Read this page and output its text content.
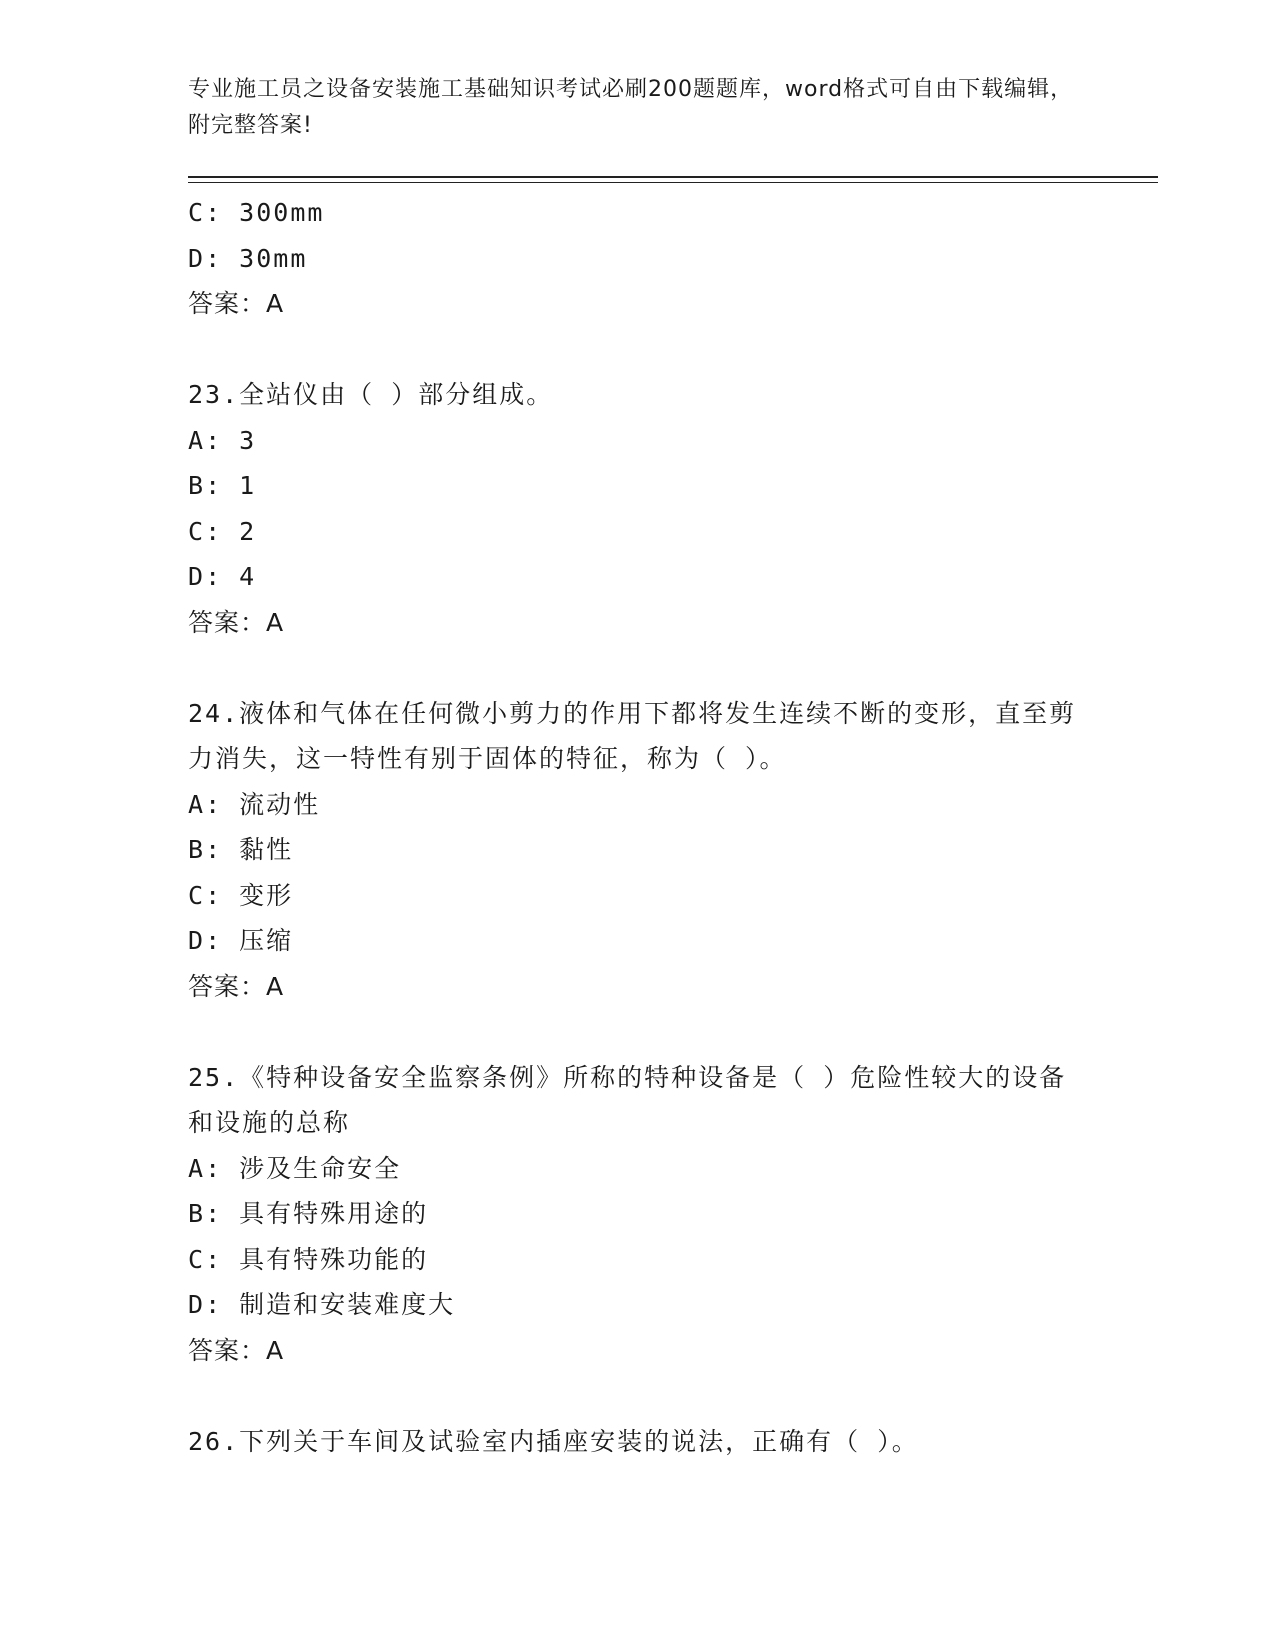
专业施工员之设备安装施工基础知识考试必刷200题题库，word格式可自由下载编辑，附完整答案!
C: 300mm
D: 30mm
答案：A
23.全站仪由（ ）部分组成。
A: 3
B: 1
C: 2
D: 4
答案：A
24.液体和气体在任何微小剪力的作用下都将发生连续不断的变形，直至剪力消失，这一特性有别于固体的特征，称为（ ）。
A: 流动性
B: 黏性
C: 变形
D: 压缩
答案：A
25.《特种设备安全监察条例》所称的特种设备是（ ）危险性较大的设备和设施的总称
A: 涉及生命安全
B: 具有特殊用途的
C: 具有特殊功能的
D: 制造和安装难度大
答案：A
26.下列关于车间及试验室内插座安装的说法，正确有（ ）。
